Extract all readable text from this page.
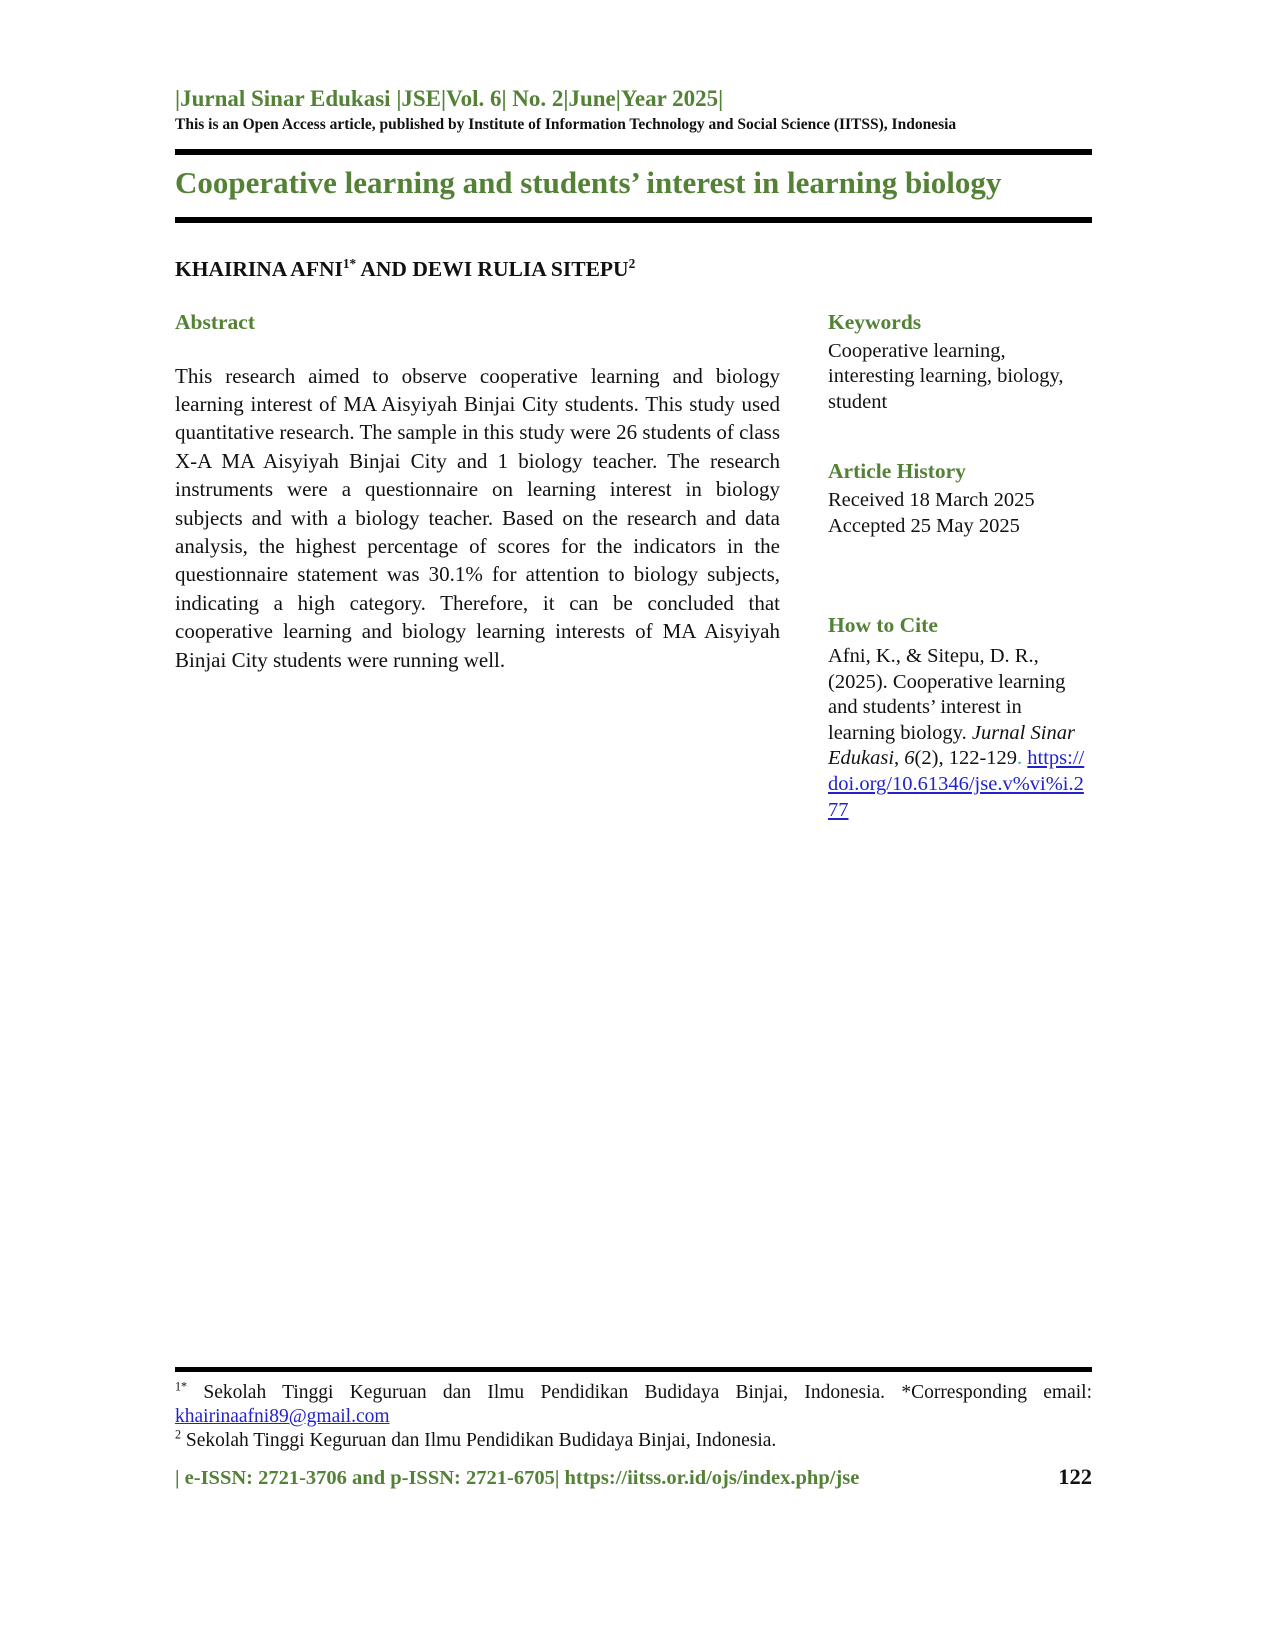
|Jurnal Sinar Edukasi |JSE|Vol. 6| No. 2|June|Year 2025|
This is an Open Access article, published by Institute of Information Technology and Social Science (IITSS), Indonesia
Cooperative learning and students’ interest in learning biology
KHAIRINA $AFNI^{1*}$ AND DEWI RULIA SITEPU$^2$
Abstract

This research aimed to observe cooperative learning and biology learning interest of MA Aisyiyah Binjai City students. This study used quantitative research. The sample in this study were 26 students of class X-A MA Aisyiyah Binjai City and 1 biology teacher. The research instruments were a questionnaire on learning interest in biology subjects and with a biology teacher. Based on the research and data analysis, the highest percentage of scores for the indicators in the questionnaire statement was 30.1% for attention to biology subjects, indicating a high category. Therefore, it can be concluded that cooperative learning and biology learning interests of MA Aisyiyah Binjai City students were running well.

Keywords
Cooperative learning, interesting learning, biology, student
Article History
Received 18 March 2025
Accepted 25 May 2025
How to Cite

Afni, K., & Sitepu, D. R., (2025). Cooperative learning and students’ interest in learning biology. Jurnal Sinar Edukasi, 6(2), 122-129. https://doi.org/10.61346/jse.v%vi%i.277

$^{1*}$ Sekolah Tinggi Keguruan dan Ilmu Pendidikan Budidaya Binjai, Indonesia. *Corresponding email: khairinaafni89@gmail.com
$^2$ Sekolah Tinggi Keguruan dan Ilmu Pendidikan Budidaya Binjai, Indonesia.
| e-ISSN: 2721-3706 and p-ISSN: 2721-6705| https://iitss.or.id/ojs/index.php/jse	122
